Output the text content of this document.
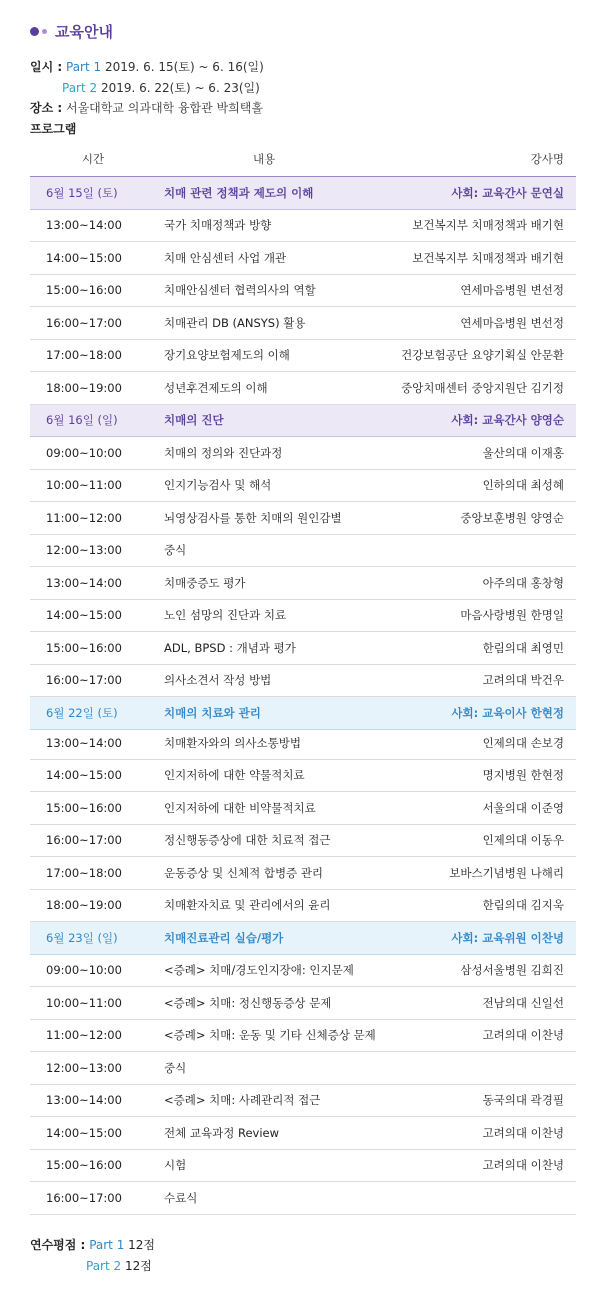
교육안내
일시 : Part 1 2019. 6. 15(토) ~ 6. 16(일)
Part 2 2019. 6. 22(토) ~ 6. 23(일)
장소 : 서울대학교 의과대학 융합관 박희택홀
프로그램
시간	내용	강사명
6월 15일 (토)	치매 관련 정책과 제도의 이해	사회: 교육간사 문연실
13:00~14:00	국가 치매정책과 방향	보건복지부 치매정책과 배기현
14:00~15:00	치매 안심센터 사업 개관	보건복지부 치매정책과 배기현
15:00~16:00	치매안심센터 협력의사의 역할	연세마음병원 변선정
16:00~17:00	치매관리 DB (ANSYS) 활용	연세마음병원 변선정
17:00~18:00	장기요양보험제도의 이해	건강보험공단 요양기획실 안문환
18:00~19:00	성년후견제도의 이해	중앙치매센터 중앙지원단 김기정
6월 16일 (일)	치매의 진단	사회: 교육간사 양영순
09:00~10:00	치매의 정의와 진단과정	울산의대 이재홍
10:00~11:00	인지기능검사 및 해석	인하의대 최성혜
11:00~12:00	뇌영상검사를 통한 치매의 원인감별	중앙보훈병원 양영순
12:00~13:00	중식	
13:00~14:00	치매중증도 평가	아주의대 홍창형
14:00~15:00	노인 섬망의 진단과 치료	마음사랑병원 한명일
15:00~16:00	ADL, BPSD : 개념과 평가	한림의대 최영민
16:00~17:00	의사소견서 작성 방법	고려의대 박건우
6월 22일 (토)	치매의 치료와 관리	사회: 교육이사 한현정
13:00~14:00	치매환자와의 의사소통방법	인제의대 손보경
14:00~15:00	인지저하에 대한 약물적치료	명지병원 한현정
15:00~16:00	인지저하에 대한 비약물적치료	서울의대 이준영
16:00~17:00	정신행동증상에 대한 치료적 접근	인제의대 이동우
17:00~18:00	운동증상 및 신체적 합병증 관리	보바스기념병원 나해리
18:00~19:00	치매환자치료 및 관리에서의 윤리	한림의대 김지욱
6월 23일 (일)	치매진료관리 실습/평가	사회: 교육위원 이찬녕
09:00~10:00	<증례> 치매/경도인지장애: 인지문제	삼성서울병원 김희진
10:00~11:00	<증례> 치매: 정신행동증상 문제	전남의대 신일선
11:00~12:00	<증례> 치매: 운동 및 기타 신체증상 문제	고려의대 이찬녕
12:00~13:00	중식	
13:00~14:00	<증례> 치매: 사례관리적 접근	동국의대 곽경필
14:00~15:00	전체 교육과정 Review	고려의대 이찬녕
15:00~16:00	시험	고려의대 이찬녕
16:00~17:00	수료식	
연수평점 : Part 1 12점
Part 2 12점
